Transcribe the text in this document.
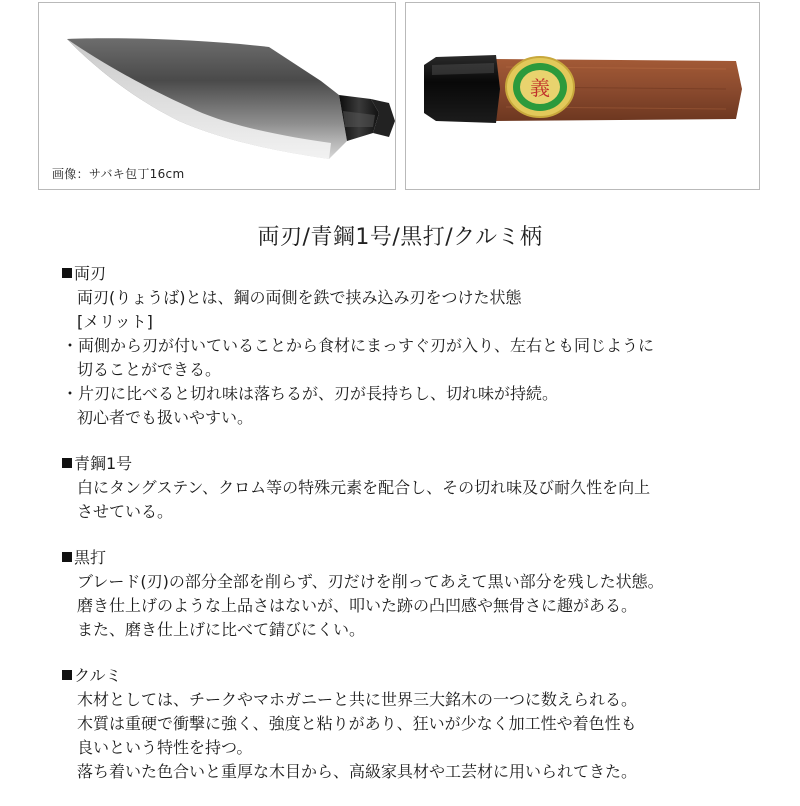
画像：サバキ包丁16cm
義
両刃/青鋼1号/黒打/クルミ柄
両刃
両刃(りょうば)とは、鋼の両側を鉄で挟み込み刃をつけた状態
[メリット]
・両側から刃が付いていることから食材にまっすぐ刃が入り、左右とも同じように
切ることができる。
・片刃に比べると切れ味は落ちるが、刃が長持ちし、切れ味が持続。
初心者でも扱いやすい。
青鋼1号
白にタングステン、クロム等の特殊元素を配合し、その切れ味及び耐久性を向上
させている。
黒打
ブレード(刃)の部分全部を削らず、刃だけを削ってあえて黒い部分を残した状態。
磨き仕上げのような上品さはないが、叩いた跡の凸凹感や無骨さに趣がある。
また、磨き仕上げに比べて錆びにくい。
クルミ
木材としては、チークやマホガニーと共に世界三大銘木の一つに数えられる。
木質は重硬で衝撃に強く、強度と粘りがあり、狂いが少なく加工性や着色性も
良いという特性を持つ。
落ち着いた色合いと重厚な木目から、高級家具材や工芸材に用いられてきた。
